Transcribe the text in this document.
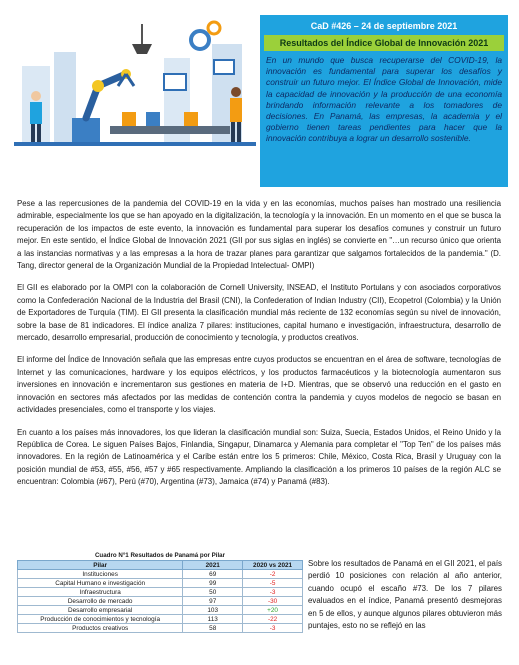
CaD #426 – 24 de septiembre 2021
Resultados del Índice Global de Innovación 2021
En un mundo que busca recuperarse del COVID-19, la innovación es fundamental para superar los desafíos y construir un futuro mejor. El Índice Global de Innovación, mide la capacidad de innovación y la producción de una economía brindando información relevante a los tomadores de decisiones. En Panamá, las empresas, la academia y el gobierno tienen tareas pendientes para hacer que la innovación contribuya a lograr un desarrollo sostenible.

Pese a las repercusiones de la pandemia del COVID-19 en la vida y en las economías, muchos países han mostrado una resiliencia admirable, especialmente los que se han apoyado en la digitalización, la tecnología y la innovación. En un momento en el que se busca la recuperación de los impactos de este evento, la innovación es fundamental para superar los desafíos comunes y construir un futuro mejor. En este sentido, el Índice Global de Innovación 2021 (GII por sus siglas en inglés) se convierte en "…un recurso único que orienta a las instancias normativas y a las empresas a la hora de trazar planes para garantizar que salgamos fortalecidos de la pandemia." (D. Tang, director general de la Organización Mundial de la Propiedad Intelectual- OMPI)

El GII es elaborado por la OMPI con la colaboración de Cornell University, INSEAD, el Instituto Portulans y con asociados corporativos como la Confederación Nacional de la Industria del Brasil (CNI), la Confederation of Indian Industry (CII), Ecopetrol (Colombia) y la Unión de Exportadores de Turquía (TIM). El GII presenta la clasificación mundial más reciente de 132 economías según su nivel de innovación, sobre la base de 81 indicadores. El índice analiza 7 pilares: instituciones, capital humano e investigación, infraestructura, desarrollo de mercado, desarrollo empresarial, producción de conocimiento y tecnología, y productos creativos.

El informe del Índice de Innovación señala que las empresas entre cuyos productos se encuentran en el área de software, tecnologías de Internet y las comunicaciones, hardware y los equipos eléctricos, y los productos farmacéuticos y la biotecnología aumentaron sus inversiones en innovación e incrementaron sus gestiones en materia de I+D. Mientras, que se observó una reducción en el gasto en innovación en sectores más afectados por las medidas de contención contra la pandemia y cuyos modelos de negocio se basan en actividades presenciales, como el transporte y los viajes.

En cuanto a los países más innovadores, los que lideran la clasificación mundial son: Suiza, Suecia, Estados Unidos, el Reino Unido y la República de Corea. Le siguen Países Bajos, Finlandia, Singapur, Dinamarca y Alemania para completar el "Top Ten" de los países más innovadores. En la región de Latinoamérica y el Caribe están entre los 5 primeros: Chile, México, Costa Rica, Brasil y Uruguay con la posición mundial de #53, #55, #56, #57 y #65 respectivamente. Ampliando la clasificación a los primeros 10 países de la región ALC se encuentran: Colombia (#67), Perú (#70), Argentina (#73), Jamaica (#74) y Panamá (#83).

Cuadro N°1 Resultados de Panamá por Pilar
Pilar	2021	2020 vs 2021
Instituciones	69	-2
Capital Humano e investigación	99	-5
Infraestructura	50	-3
Desarrollo de mercado	97	-30
Desarrollo empresarial	103	+20
Producción de conocimientos y tecnología	113	-22
Productos creativos	58	-3
Sobre los resultados de Panamá en el GII 2021, el país perdió 10 posiciones con relación al año anterior, cuando ocupó el escaño #73. De los 7 pilares evaluados en el índice, Panamá presentó desmejoras en 5 de ellos, y aunque algunos pilares obtuvieron más puntajes, esto no se reflejó en las
